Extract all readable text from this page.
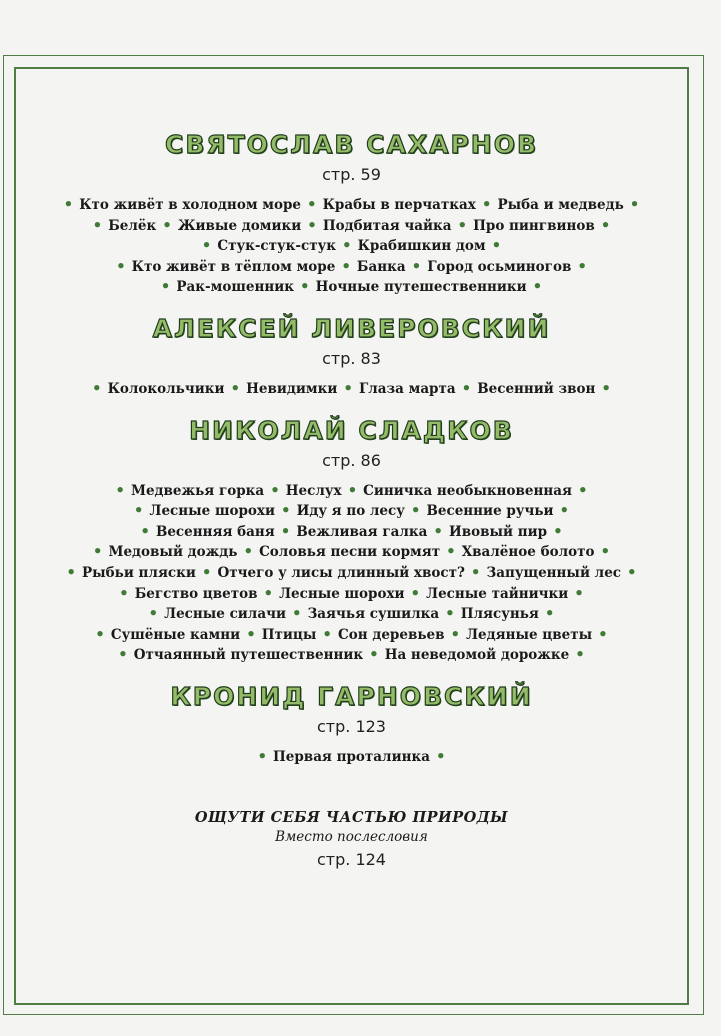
СВЯТОСЛАВ САХАРНОВ
стр. 59
• Кто живёт в холодном море • Крабы в перчатках • Рыба и медведь •
• Белёк • Живые домики • Подбитая чайка • Про пингвинов •
• Стук-стук-стук • Крабишкин дом •
• Кто живёт в тёплом море • Банка • Город осьминогов •
• Рак-мошенник • Ночные путешественники •
АЛЕКСЕЙ ЛИВЕРОВСКИЙ
стр. 83
• Колокольчики • Невидимки • Глаза марта • Весенний звон •
НИКОЛАЙ СЛАДКОВ
стр. 86
• Медвежья горка • Неслух • Синичка необыкновенная •
• Лесные шорохи • Иду я по лесу • Весенние ручьи •
• Весенняя баня • Вежливая галка • Ивовый пир •
• Медовый дождь • Соловья песни кормят • Хвалёное болото •
• Рыбьи пляски • Отчего у лисы длинный хвост? • Запущенный лес •
• Бегство цветов • Лесные шорохи • Лесные тайнички •
• Лесные силачи • Заячья сушилка • Плясунья •
• Сушёные камни • Птицы • Сон деревьев • Ледяные цветы •
• Отчаянный путешественник • На неведомой дорожке •
КРОНИД ГАРНОВСКИЙ
стр. 123
• Первая проталинка •
ОЩУТИ СЕБЯ ЧАСТЬЮ ПРИРОДЫ
Вместо послесловия
стр. 124
